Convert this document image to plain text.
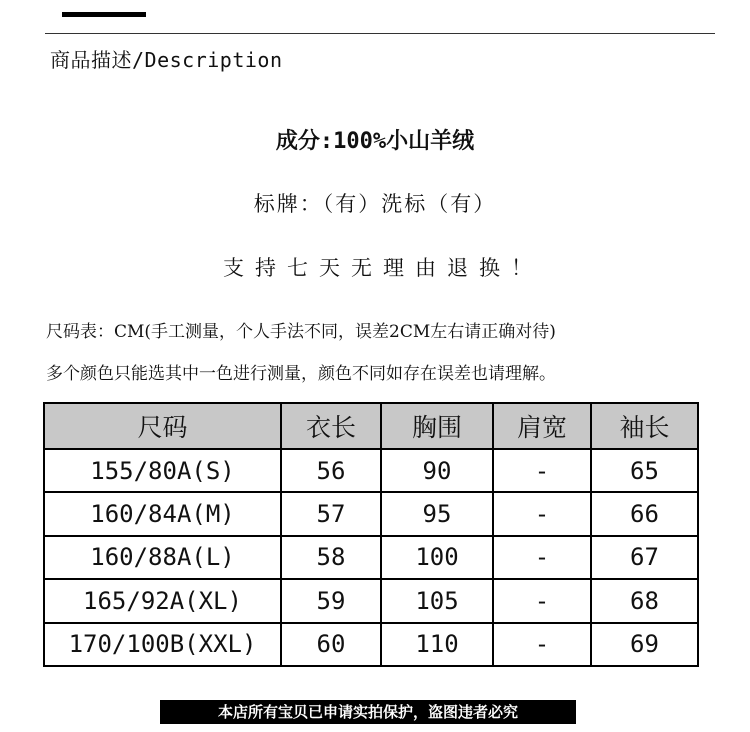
商品描述/Description
成分:100%小山羊绒
标牌：（有）洗标（有）
支持七天无理由退换！
尺码表：CM(手工测量，个人手法不同，误差2CM左右请正确对待)
多个颜色只能选其中一色进行测量，颜色不同如存在误差也请理解。
尺码	衣长	胸围	肩宽	袖长
155/80A(S)	56	90	-	65
160/84A(M)	57	95	-	66
160/88A(L)	58	100	-	67
165/92A(XL)	59	105	-	68
170/100B(XXL)	60	110	-	69
本店所有宝贝已申请实拍保护，盗图违者必究
